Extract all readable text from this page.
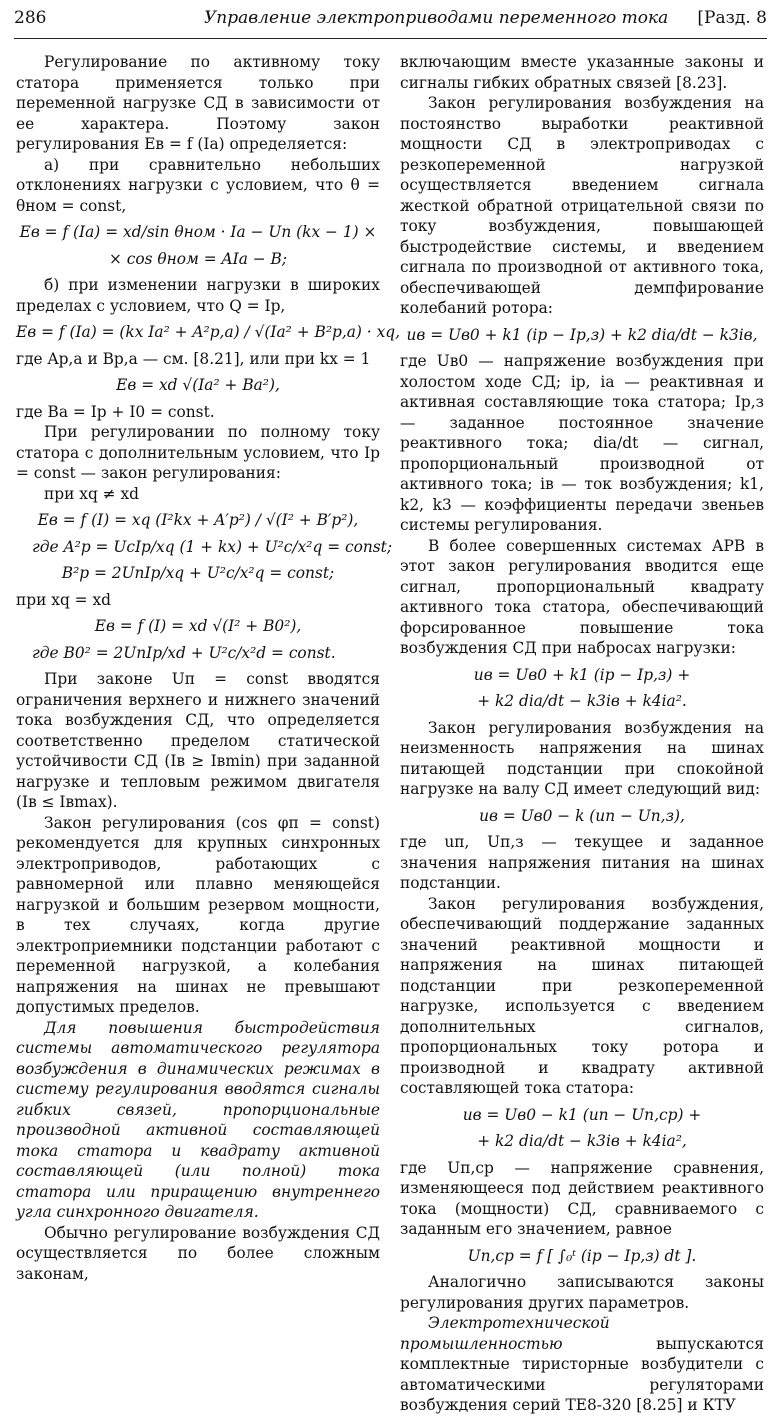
286	Управление электроприводами переменного тока [Разд. 8

Регулирование по активному току статора применяется только при переменной нагрузке СД в зависимости от ее характера. Поэтому закон регулирования Eв = f (Iа) определяется:

а) при сравнительно небольших отклонениях нагрузки с условием, что θ = θном = const,

Eв = f (Iа) = xd/sin θном · Iа − Uп (kx − 1) ×
× cos θном = AIа − B;

б) при изменении нагрузки в широких пределах с условием, что Q = Iр,

Eв = f (Iа) = (kx Iа² + A²р,а) / √(Iа² + B²р,а) · xq,

где Aр,а и Bр,а — см. [8.21], или при kx = 1

Eв = xd √(Iа² + Bа²),

где Bа = Iр + I0 = const.

При регулировании по полному току статора с дополнительным условием, что Iр = const — закон регулирования:

при xq ≠ xd

Eв = f (I) = xq (I²kx + A′р²) / √(I² + B′р²),
где A²р = UсIр/xq (1 + kx) + U²с/x²q = const;
B²р = 2UпIр/xq + U²с/x²q = const;

при xq = xd

Eв = f (I) = xd √(I² + B0²),
где B0² = 2UпIр/xd + U²с/x²d = const.

При законе Uп = const вводятся ограничения верхнего и нижнего значений тока возбуждения СД, что определяется соответственно пределом статической устойчивости СД (Iв ≥ Iвmin) при заданной нагрузке и тепловым режимом двигателя (Iв ≤ Iвmax).

Закон регулирования (cos φп = const) рекомендуется для крупных синхронных электроприводов, работающих с равномерной или плавно меняющейся нагрузкой и большим резервом мощности, в тех случаях, когда другие электроприемники подстанции работают с переменной нагрузкой, а колебания напряжения на шинах не превышают допустимых пределов.

Для повышения быстродействия системы автоматического регулятора возбуждения в динамических режимах в систему регулирования вводятся сигналы гибких связей, пропорциональные производной активной составляющей тока статора и квадрату активной составляющей (или полной) тока статора или приращению внутреннего угла синхронного двигателя.

Обычно регулирование возбуждения СД осуществляется по более сложным законам,

включающим вместе указанные законы и сигналы гибких обратных связей [8.23].

Закон регулирования возбуждения на постоянство выработки реактивной мощности СД в электроприводах с резкопеременной нагрузкой осуществляется введением сигнала жесткой обратной отрицательной связи по току возбуждения, повышающей быстродействие системы, и введением сигнала по производной от активного тока, обеспечивающей демпфирование колебаний ротора:

uв = Uв0 + k1 (iр − Iр,з) + k2 diа/dt − k3iв,

где Uв0 — напряжение возбуждения при холостом ходе СД; iр, iа — реактивная и активная составляющие тока статора; Iр,з — заданное постоянное значение реактивного тока; diа/dt — сигнал, пропорциональный производной от активного тока; iв — ток возбуждения; k1, k2, k3 — коэффициенты передачи звеньев системы регулирования.

В более совершенных системах АРВ в этот закон регулирования вводится еще сигнал, пропорциональный квадрату активного тока статора, обеспечивающий форсированное повышение тока возбуждения СД при набросах нагрузки:

uв = Uв0 + k1 (iр − Iр,з) +
+ k2 diа/dt − k3iв + k4iа².

Закон регулирования возбуждения на неизменность напряжения на шинах питающей подстанции при спокойной нагрузке на валу СД имеет следующий вид:

uв = Uв0 − k (uп − Uп,з),

где uп, Uп,з — текущее и заданное значения напряжения питания на шинах подстанции.

Закон регулирования возбуждения, обеспечивающий поддержание заданных значений реактивной мощности и напряжения на шинах питающей подстанции при резкопеременной нагрузке, используется с введением дополнительных сигналов, пропорциональных току ротора и производной и квадрату активной составляющей тока статора:

uв = Uв0 − k1 (uп − Uп,ср) +
+ k2 diа/dt − k3iв + k4iа²,

где Uп,ср — напряжение сравнения, изменяющееся под действием реактивного тока (мощности) СД, сравниваемого с заданным его значением, равное

Uп,ср = f [ ∫₀ᵗ (iр − Iр,з) dt ].

Аналогично записываются законы регулирования других параметров.

Электротехнической промышленностью выпускаются комплектные тиристорные возбудители с автоматическими регуляторами возбуждения серий ТЕ8-320 [8.25] и КТУ
